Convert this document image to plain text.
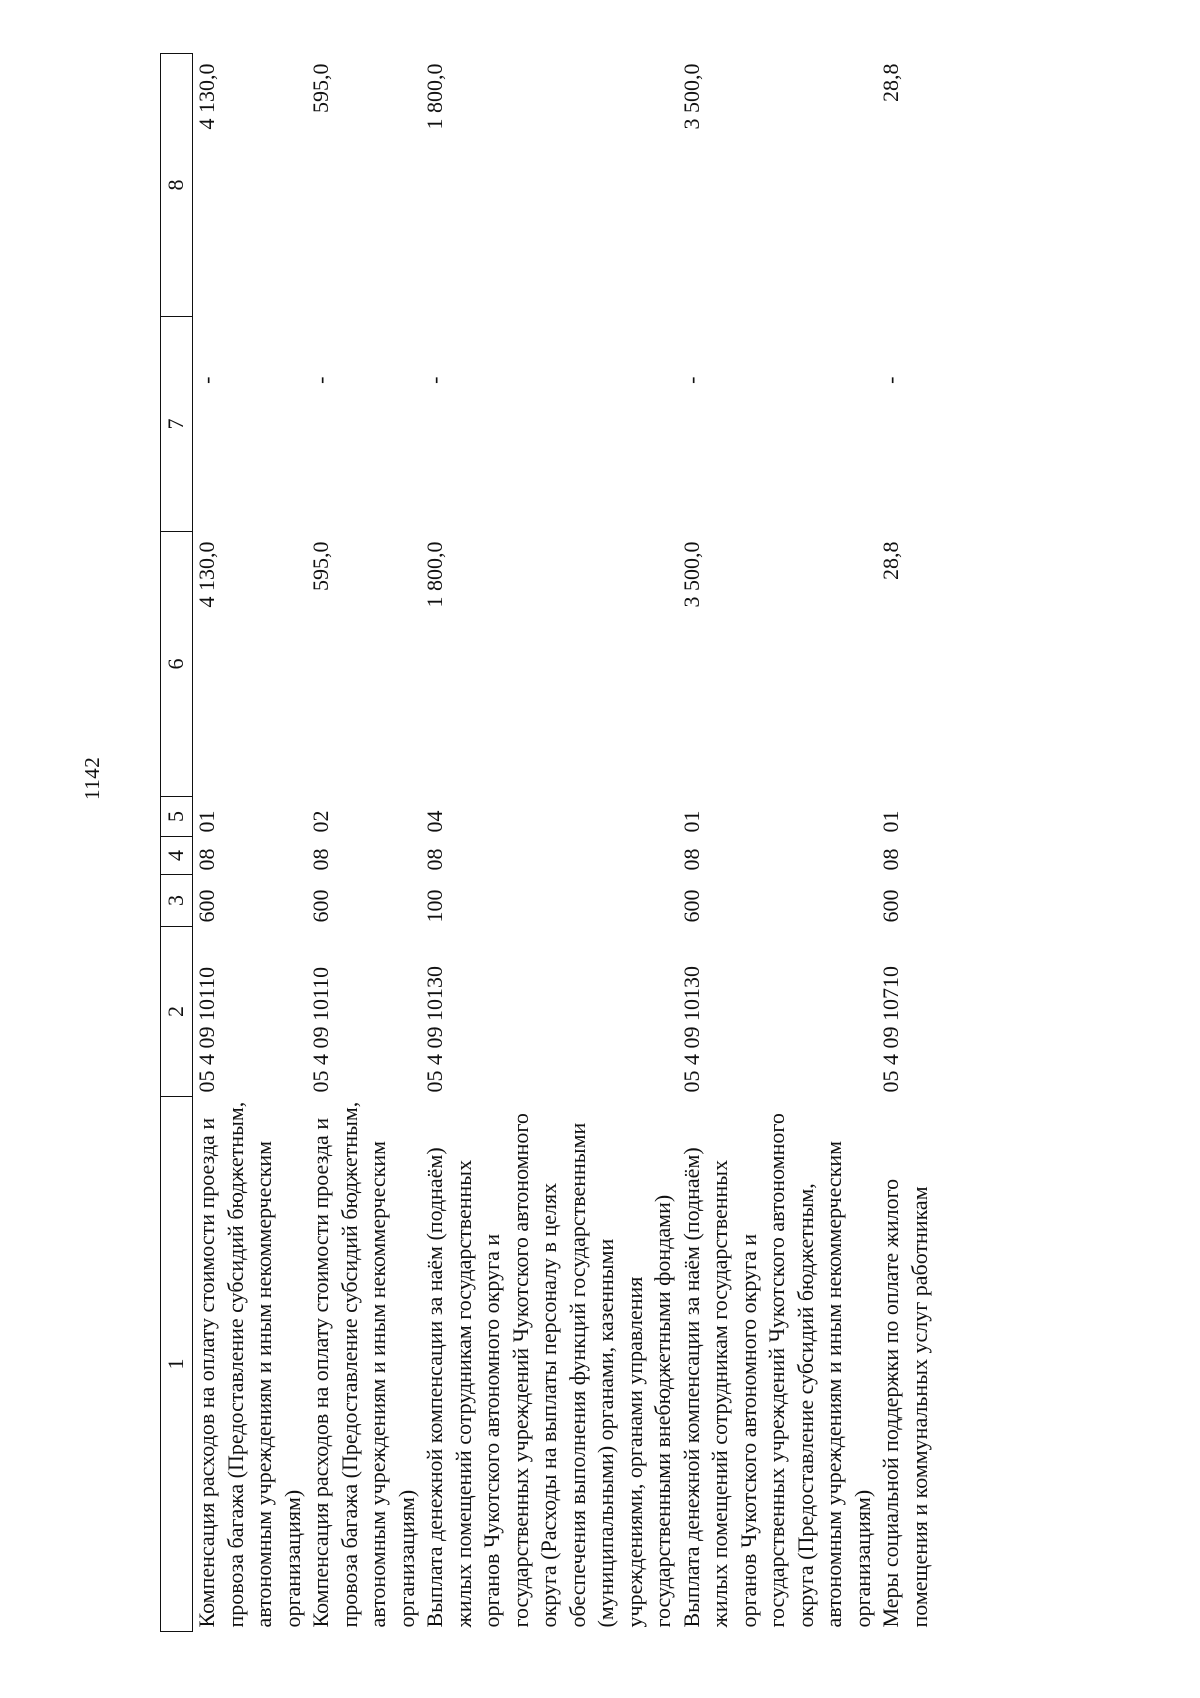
1142
1	2	3	4	5	6	7	8
Компенсация расходов на оплату стоимости проезда и провоза багажа (Предоставление субсидий бюджетным, автономным учреждениям и иным некоммерческим организациям)	05 4 09 10110	600	08	01	4 130,0	-	4 130,0
Компенсация расходов на оплату стоимости проезда и провоза багажа (Предоставление субсидий бюджетным, автономным учреждениям и иным некоммерческим организациям)	05 4 09 10110	600	08	02	595,0	-	595,0
Выплата денежной компенсации за наём (поднаём) жилых помещений сотрудникам государственных органов Чукотского автономного округа и государственных учреждений Чукотского автономного округа (Расходы на выплаты персоналу в целях обеспечения выполнения функций государственными (муниципальными) органами, казенными учреждениями, органами управления государственными внебюджетными фондами)	05 4 09 10130	100	08	04	1 800,0	-	1 800,0
Выплата денежной компенсации за наём (поднаём) жилых помещений сотрудникам государственных органов Чукотского автономного округа и государственных учреждений Чукотского автономного округа (Предоставление субсидий бюджетным, автономным учреждениям и иным некоммерческим организациям)	05 4 09 10130	600	08	01	3 500,0	-	3 500,0
Меры социальной поддержки по оплате жилого помещения и коммунальных услуг работникам	05 4 09 10710	600	08	01	28,8	-	28,8
